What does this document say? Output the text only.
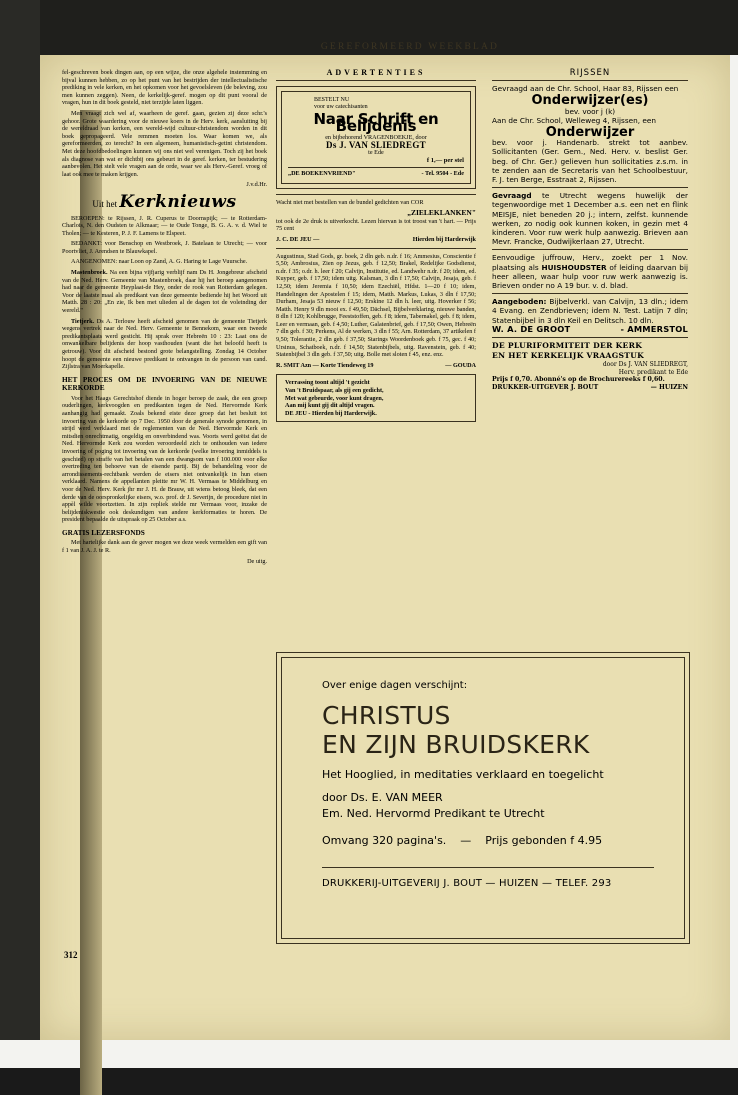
GEREFORMEERD WEEKBLAD

fel-geschreven boek dingen aan, op een wijze, die onze algehele instemming en bijval kunnen hebben, zo op het punt van het bestrijden der intellectualistische prediking in vele kerken, en het opkomen voor het gevoelsleven (de beleving, zou men kunnen zeggen). Neen, de kerkelijk-geref. mogen op dit punt vooral de vragen, hun in dit boek gesteld, niet terzijde laten liggen.

Men vraagt zich wel af, waarheen de geref. gaan, gezien zij deze schr.'s gehoor. Grote waardering voor de nieuwe koers in de Herv. kerk, aansluiting bij de wereldraad van kerken, een wereld-wijd cultuur-christendom worden in dit boek gepropageerd. Vele remmen moeten los. Waar komen we, als gereformeerden, zo terecht? In een algemeen, humanistisch-getint christendom. Met deze hoofdbedoelingen kunnen wij ons niet wel verenigen. Toch zij het boek als diagnose van wat er dichtbij ons gebeurt in de geref. kerken, ter bestudering aanbevolen. Het stelt vele vragen aan de orde, waar we als Herv.-Geref. vroeg of laat ook mee te maken krijgen.

J.v.d.Hr.
Uit het Kerknieuws

BEROEPEN: te Rijssen, J. R. Cuperus te Doornspijk; — te Rotterdam-Charlois, N. den Oudsten te Alkmaar; — te Oude Tonge, B. G. A. v. d. Wiel te Tholen; — te Kesteren, P. J. F. Lamens te Elspeet.

BEDANKT: voor Benschop en Westbroek, J. Batelaan te Utrecht; — voor Poortvliet, J. Arendsen te Blauwkapel.

AANGENOMEN: naar Loon op Zand, A. G. Haring te Lage Vuursche.

Mastenbroek. Na een bijna vijfjarig verblijf nam Ds H. Jongebreur afscheid van de Ned. Herv. Gemeente van Mastenbroek, daar hij het beroep aangenomen had naar de gemeente Heyplaat-de Hey, onder de rook van Rotterdam gelegen. Voor de laatste maal als predikant van deze gemeente bediende hij het Woord uit Matth. 28 : 20: „En zie, Ik ben met ulieden al de dagen tot de voleinding der wereld."

Tietjerk. Ds A. Terlouw heeft afscheid genomen van de gemeente Tietjerk wegens vertrek naar de Ned. Herv. Gemeente te Bennekom, waar een tweede predikantsplaats werd gesticht. Hij sprak over Hebreën 10 : 23: Laat ons de onwankelbare belijdenis der hoop vasthouden (want die het beloofd heeft is getrouw). Voor dit afscheid bestond grote belangstelling. Zondag 14 October hoopt de gemeente een nieuwe predikant te ontvangen in de persoon van cand. Zijlstra van Moerkapelle.

HET PROCES OM DE INVOERING VAN DE NIEUWE KERKORDE

Voor het Haags Gerechtshof diende in hoger beroep de zaak, die een groep ouderlingen, kerkvoogden en predikanten tegen de Ned. Hervormde Kerk aanhangig had gemaakt. Zoals bekend eiste deze groep dat het besluit tot invoering van de kerkorde op 7 Dec. 1950 door de generale synode genomen, in strijd werd verklaard met de reglementen van de Ned. Hervormde Kerk en mitsdien onrechtmatig, ongeldig en onverbindend was. Voorts werd geëist dat de Ned. Hervormde Kerk zou worden veroordeeld zich te onthouden van iedere invoering of poging tot invoering van de kerkorde (welke invoering inmiddels is geschied) op straffe van het betalen van een dwangsom van f 100.000 voor elke overtreding ten behoeve van de eisende partij. Bij de behandeling voor de arrondissements-rechtbank werden de eisers niet ontvankelijk in hun eisen verklaard. Namens de appellanten pleitte mr W. H. Vermaas te Middelburg en voor de Ned. Herv. Kerk jhr mr J. H. de Brauw, uit wiens betoog bleek, dat een derde van de oorspronkelijke eisers, w.o. prof. dr J. Severijn, de procedure niet in appèl wilde voortzetten. In zijn repliek stelde mr Vermaas voor, inzake de belijdeniskwestie ook deskundigen van andere kerkformaties te horen. De president bepaalde de uitspraak op 25 October a.s.

GRATIS LEZERSFONDS

Met hartelijke dank aan de gever mogen we deze week vermelden een gift van f 1 van J. A. J. te R.

De uitg.
ADVERTENTIES
BESTELT NU
voor uw catechisanten
Naar Schrift en Belijdenis
en bijbehorend VRAGENBOEKJE, door
Ds J. VAN SLIEDREGT
te Ede
f 1,— per stel
„DE BOEKENVRIEND"	- Tel. 9504 - Ede

Wacht niet met bestellen van de bundel gedichten van COR

„ZIELEKLANKEN"

tot ook de 2e druk is uitverkocht. Lezen hiervan is tot troost van 't hart. — Prijs 75 cent

J. C. DE JEU —	Hierden bij Harderwijk

Augustinus, Stad Gods, gr. boek, 2 dln geb. n.dr. f 16; Ammesius, Conscientie f 5,50; Ambrosius, Zien op Jezus, geb. f 12,50; Brakel, Redelijke Godsdienst, n.dr. f 35; o.dr. h. leer f 20; Calvijn, Institutie, ed. Landwehr n.dr. f 20; idem, ed. Kuyper, geb. f 17,50; idem uitg. Kalsman, 3 dln f 17,50; Calvijn, Jesaja, geb. f 12,50; idem Jeremia f 10,50; idem Ezechiël, Hfdst. 1—20 f 10; idem, Handelingen der Apostelen f 15; idem, Matth. Markus, Lukas, 3 dln f 17,50; Durham, Jesaja 53 nieuw f 12,50; Erskine 12 dln h. leer, uitg. Hoverker f 56; Matth. Henry 9 dln mooi ex. f 49,50; Dächsel, Bijbelverklaring, nieuwe banden, 8 dln f 120; Kohlbrugge, Feeststoffen, geb. f 8; idem, Tabernakel, geb. f 8; idem, Leer en vermaan, geb. f 4,50; Luther, Galatenbrief, geb. f 17,50; Owen, Hebreën 7 dln geb. f 30; Perkens, Al de werken, 3 dln f 55; Arn. Rotterdam, 37 artikelen f 9,50; Tolerantie, 2 dln geb. f 37,50; Starings Woordenboek geb. f 75, gec. f 40; Ursinus, Schatboek, n.dr. f 14,50; Statenbijbels, uitg. Ravenstein, geb. f 40; Statenbijbel 3 dln geb. f 37,50; uitg. Bolle met sloten f 45, enz. enz.

R. SMIT Azn — Korte Tiendeweg 19	— GOUDA
Verrassing toont altijd 't gezicht
Van 't Bruidspaar, als gij een gedicht,
Met wat gebeurde, voor kunt dragen,
Aan mij kunt gij dit altijd vragen.
DE JEU - Hierden bij Harderwijk.
RIJSSEN
Gevraagd aan de Chr. School, Haar 83, Rijssen een
Onderwijzer(es)
bev. voor j (k)
Aan de Chr. School, Welleweg 4, Rijssen, een
Onderwijzer
bev. voor j. Handenarb. strekt tot aanbev. Sollicitanten (Ger. Gem., Ned. Herv. v. beslist Ger. beg. of Chr. Ger.) gelieven hun sollicitaties z.s.m. in te zenden aan de Secretaris van het Schoolbestuur, F. J. ten Berge, Esstraat 2, Rijssen.
Gevraagd te Utrecht wegens huwelijk der tegenwoordige met 1 December a.s. een net en flink MEISJE, niet beneden 20 j.; intern, zelfst. kunnende werken, zo nodig ook kunnen koken, in gezin met 4 kinderen. Voor ruw werk hulp aanwezig. Brieven aan Mevr. Francke, Oudwijkerlaan 27, Utrecht.
Eenvoudige juffrouw, Herv., zoekt per 1 Nov. plaatsing als HUISHOUDSTER of leiding daarvan bij heer alleen, waar hulp voor ruw werk aanwezig is. Brieven onder no A 19 bur. v. d. blad.
Aangeboden: Bijbelverkl. van Calvijn, 13 dln.; idem 4 Evang. en Zendbrieven; idem N. Test. Latijn 7 dln; Statenbijbel in 3 dln Keil en Delitsch. 10 dln.
W. A. DE GROOT	- AMMERSTOL
DE PLURIFORMITEIT DER KERK
EN HET KERKELIJK VRAAGSTUK
door Ds J. VAN SLIEDREGT,
Herv. predikant te Ede
Prijs f 0,70. Abonné's op de Brochurereeks f 0,60.
DRUKKER-UITGEVER J. BOUT	— HUIZEN
Over enige dagen verschijnt:
CHRISTUS
EN ZIJN BRUIDSKERK
Het Hooglied, in meditaties verklaard en toegelicht
door Ds. E. VAN MEER
Em. Ned. Hervormd Predikant te Utrecht
Omvang 320 pagina's. — Prijs gebonden f 4.95
DRUKKERIJ-UITGEVERIJ J. BOUT — HUIZEN — TELEF. 293
312
